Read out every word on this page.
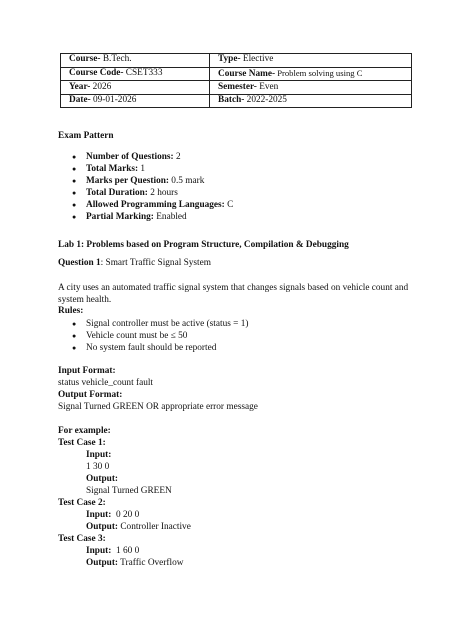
Course- B.Tech.	Type- Elective
Course Code- CSET333	Course Name- Problem solving using C
Year- 2026	Semester- Even
Date- 09-01-2026	Batch- 2022-2025
Exam Pattern
● Number of Questions: 2
● Total Marks: 1
● Marks per Question: 0.5 mark
● Total Duration: 2 hours
● Allowed Programming Languages: C
● Partial Marking: Enabled
Lab 1: Problems based on Program Structure, Compilation & Debugging
Question 1: Smart Traffic Signal System
A city uses an automated traffic signal system that changes signals based on vehicle count and system health.
Rules:
● Signal controller must be active (status = 1)
● Vehicle count must be ≤ 50
● No system fault should be reported
Input Format:
status vehicle_count fault
Output Format:
Signal Turned GREEN OR appropriate error message
For example:
Test Case 1:
Input:
1 30 0
Output:
Signal Turned GREEN
Test Case 2:
Input:  0 20 0
Output: Controller Inactive
Test Case 3:
Input:  1 60 0
Output: Traffic Overflow
